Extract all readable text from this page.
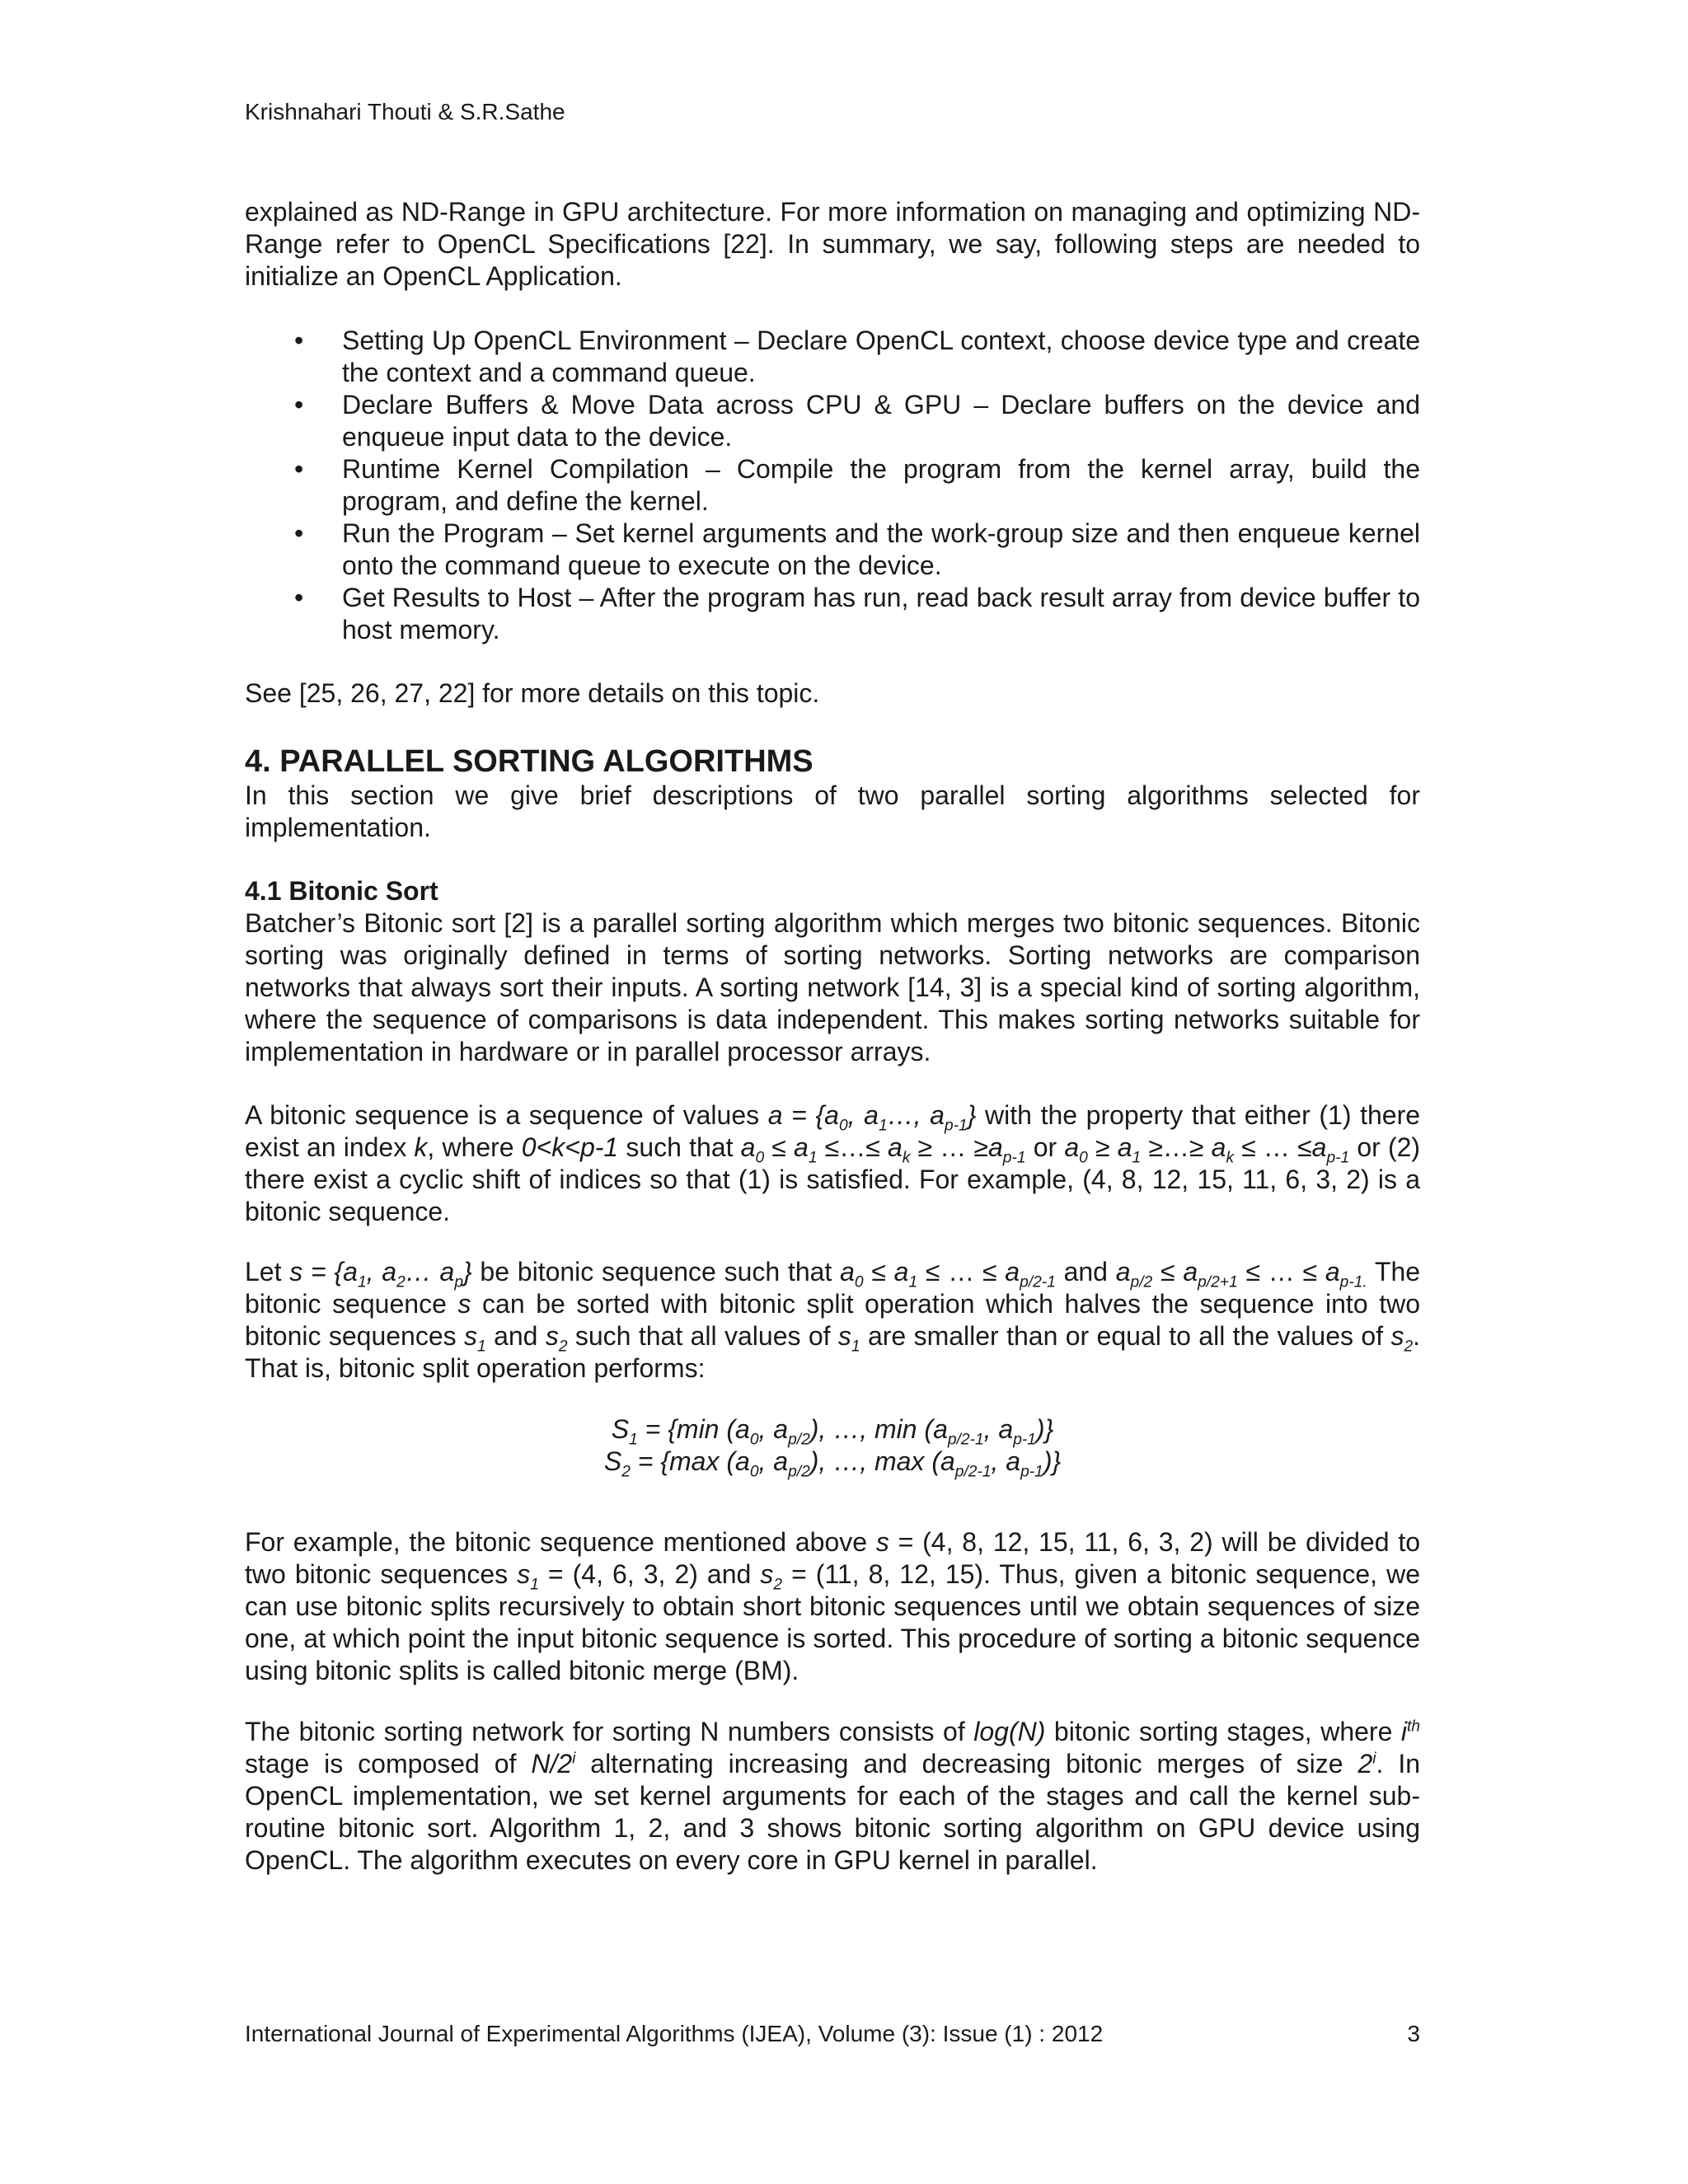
Krishnahari Thouti & S.R.Sathe

explained as ND-Range in GPU architecture. For more information on managing and optimizing ND-Range refer to OpenCL Specifications [22]. In summary, we say, following steps are needed to initialize an OpenCL Application.

• Setting Up OpenCL Environment – Declare OpenCL context, choose device type and create the context and a command queue.

• Declare Buffers & Move Data across CPU & GPU – Declare buffers on the device and enqueue input data to the device.

• Runtime Kernel Compilation – Compile the program from the kernel array, build the program, and define the kernel.

• Run the Program – Set kernel arguments and the work-group size and then enqueue kernel onto the command queue to execute on the device.

• Get Results to Host – After the program has run, read back result array from device buffer to host memory.

See [25, 26, 27, 22] for more details on this topic.

4. PARALLEL SORTING ALGORITHMS

In this section we give brief descriptions of two parallel sorting algorithms selected for implementation.

4.1 Bitonic Sort

Batcher’s Bitonic sort [2] is a parallel sorting algorithm which merges two bitonic sequences. Bitonic sorting was originally defined in terms of sorting networks. Sorting networks are comparison networks that always sort their inputs. A sorting network [14, 3] is a special kind of sorting algorithm, where the sequence of comparisons is data independent. This makes sorting networks suitable for implementation in hardware or in parallel processor arrays.

A bitonic sequence is a sequence of values $a = \{a_0$, $a_1\dots$, $a_{p-1}$} with the property that either (1) there exist an index k, where 0<k<p-1 such that $a_0 \le a_1$ ≤…≤ $a_k$ ≥ … $\ge a_{p-1}$ or $a_0 \ge a_1$ ≥…≥ $a_k$ ≤ … $\le a_{p-1}$ or (2) there exist a cyclic shift of indices so that (1) is satisfied. For example, (4, 8, 12, 15, 11, 6, 3, 2) is a bitonic sequence.

Let $s = \{a_1$, $a_2\dots$ $a_p$} be bitonic sequence such that $a_0 \le a_1$ ≤ … ≤ $a_{p/2-1}$ and $a_{p/2} \le a_{p/2+1}$ ≤ … ≤ $a_{p-1.}$ The bitonic sequence s can be sorted with bitonic split operation which halves the sequence into two bitonic sequences $s_1$ and $s_2$ such that all values of $s_1$ are smaller than or equal to all the values of $s_2$. That is, bitonic split operation performs:

$S_1 = \{\min$ ($a_0$, $a_{p/2}$), …, $\min (a_{p/2-1}$, $a_{p-1}$)}
$S_2 = \{\max$ ($a_0$, $a_{p/2}$), …, $\max (a_{p/2-1}$, $a_{p-1}$)}

For example, the bitonic sequence mentioned above s = (4, 8, 12, 15, 11, 6, 3, 2) will be divided to two bitonic sequences $s_1 = (4$, 6, 3, 2) and $s_2 = (11$, 8, 12, 15). Thus, given a bitonic sequence, we can use bitonic splits recursively to obtain short bitonic sequences until we obtain sequences of size one, at which point the input bitonic sequence is sorted. This procedure of sorting a bitonic sequence using bitonic splits is called bitonic merge (BM).

The bitonic sorting network for sorting N numbers consists of log(N) bitonic sorting stages, where $i^{th}$ stage is composed of N/2$^i$ alternating increasing and decreasing bitonic merges of size 2$^i$. In OpenCL implementation, we set kernel arguments for each of the stages and call the kernel sub-routine bitonic sort. Algorithm 1, 2, and 3 shows bitonic sorting algorithm on GPU device using OpenCL. The algorithm executes on every core in GPU kernel in parallel.

International Journal of Experimental Algorithms (IJEA), Volume (3): Issue (1) : 2012	3
